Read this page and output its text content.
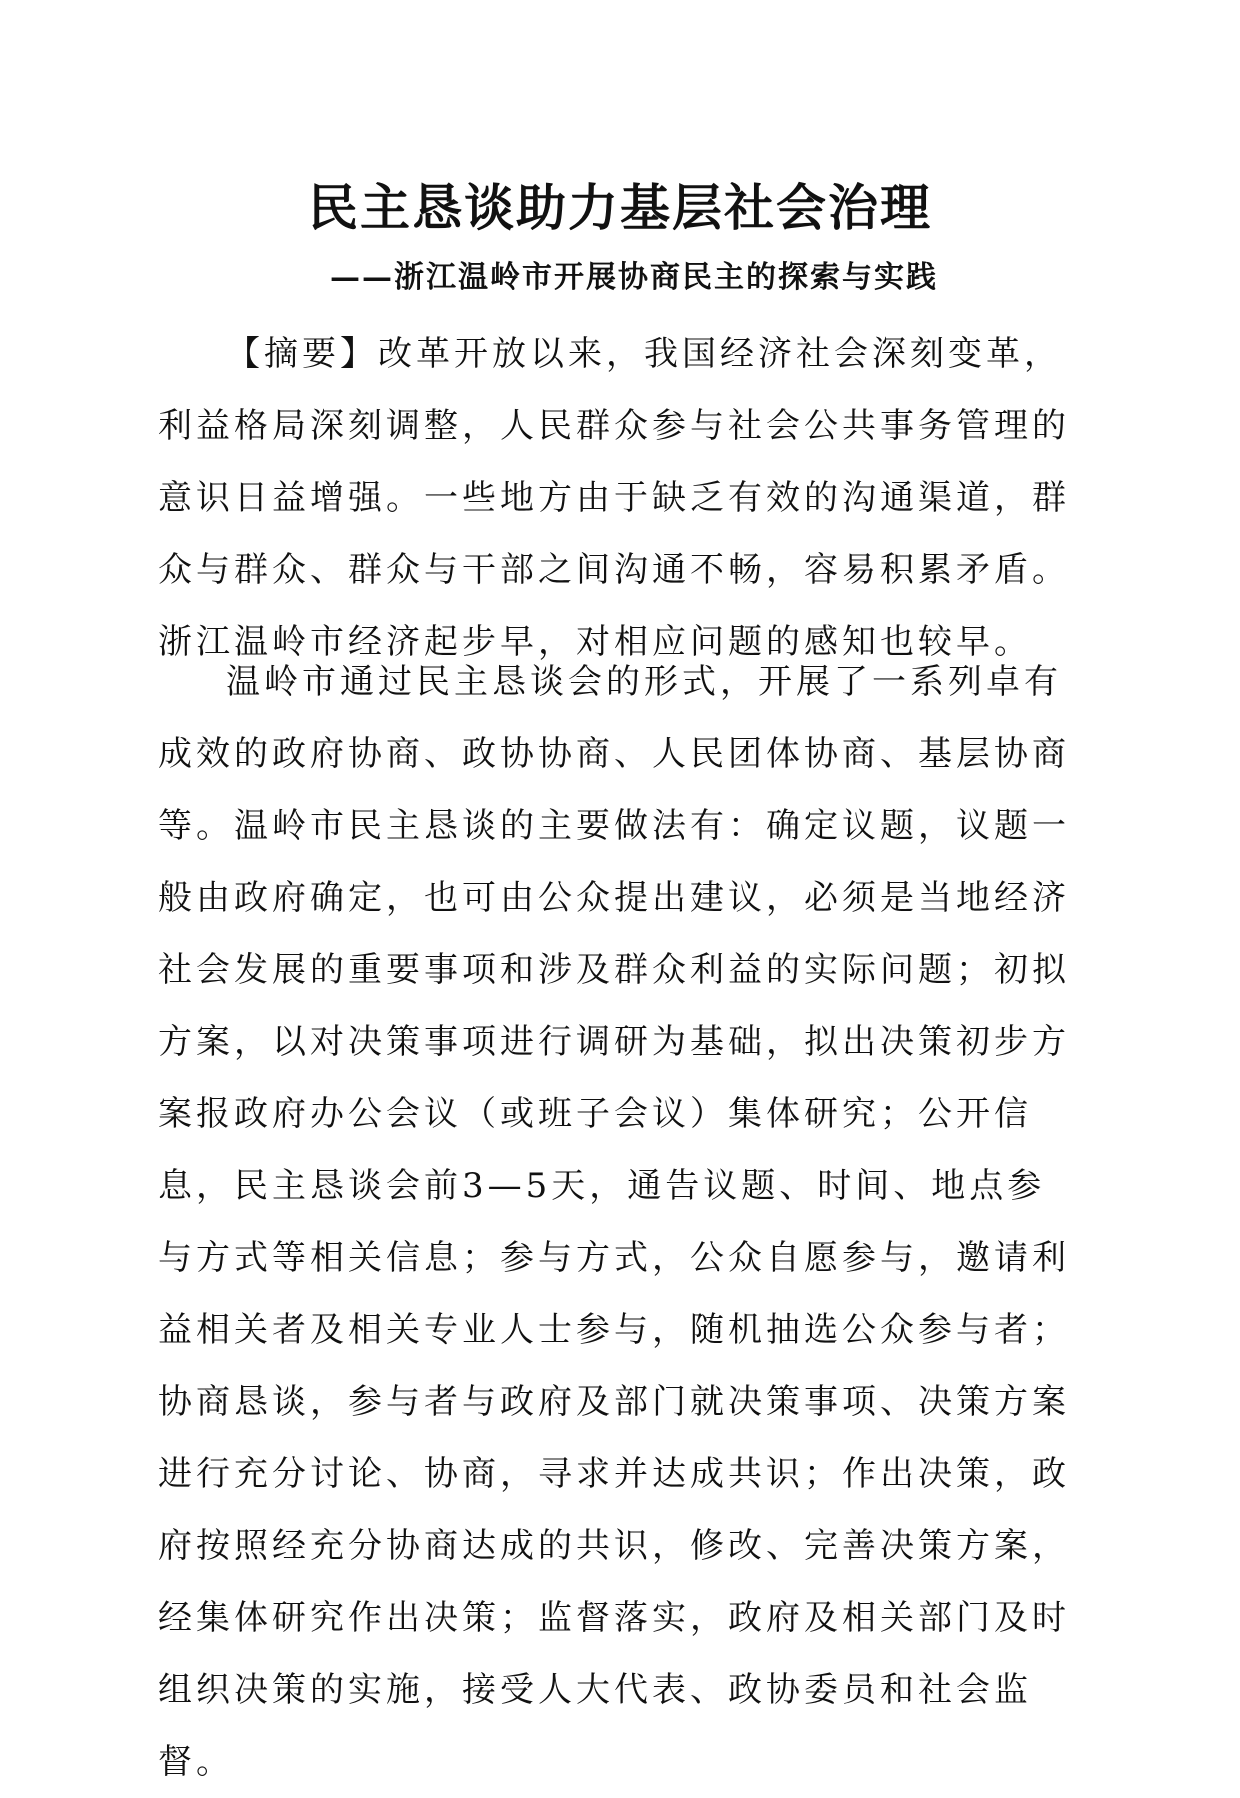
民主恳谈助力基层社会治理
——浙江温岭市开展协商民主的探索与实践
【摘要】改革开放以来，我国经济社会深刻变革，利益格局深刻调整，人民群众参与社会公共事务管理的意识日益增强。一些地方由于缺乏有效的沟通渠道，群众与群众、群众与干部之间沟通不畅，容易积累矛盾。浙江温岭市经济起步早，对相应问题的感知也较早。
温岭市通过民主恳谈会的形式，开展了一系列卓有成效的政府协商、政协协商、人民团体协商、基层协商等。温岭市民主恳谈的主要做法有：确定议题，议题一般由政府确定，也可由公众提出建议，必须是当地经济社会发展的重要事项和涉及群众利益的实际问题；初拟方案，以对决策事项进行调研为基础，拟出决策初步方案报政府办公会议（或班子会议）集体研究；公开信息，民主恳谈会前3—5天，通告议题、时间、地点参与方式等相关信息；参与方式，公众自愿参与，邀请利益相关者及相关专业人士参与，随机抽选公众参与者；协商恳谈，参与者与政府及部门就决策事项、决策方案进行充分讨论、协商，寻求并达成共识；作出决策，政府按照经充分协商达成的共识，修改、完善决策方案，经集体研究作出决策；监督落实，政府及相关部门及时组织决策的实施，接受人大代表、政协委员和社会监督。
